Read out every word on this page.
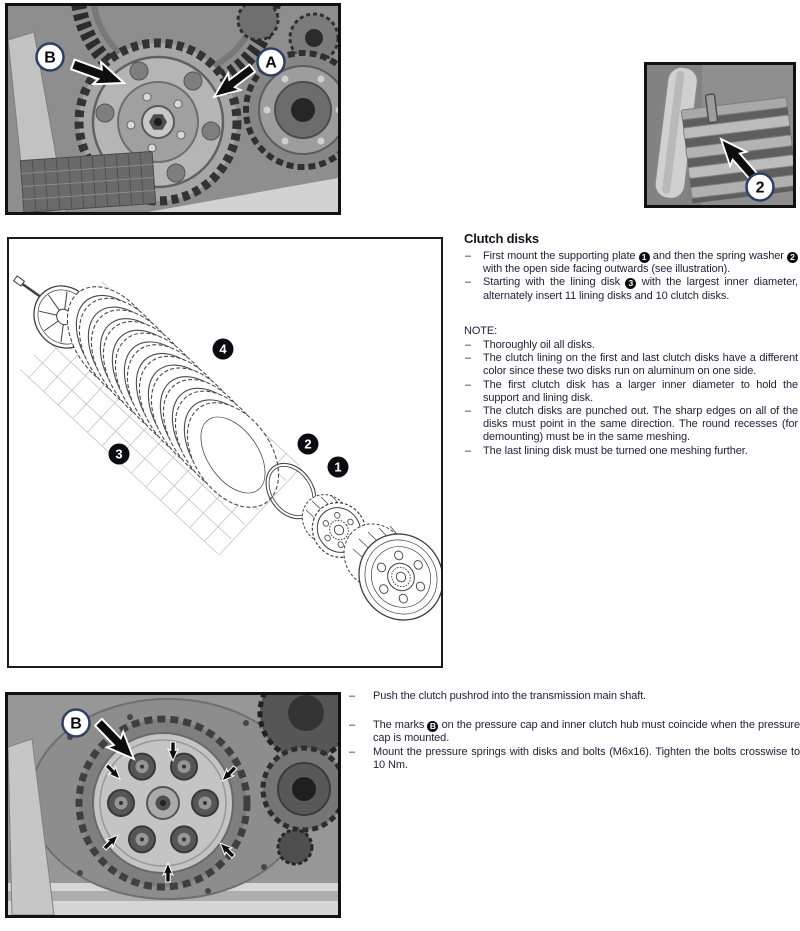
B	A
2
4
3
2
1
B
Clutch disks
– First mount the supporting plate 1 and then the spring washer 2 with the open side facing outwards (see illustration).
– Starting with the lining disk 3 with the largest inner diameter, alternately insert 11 lining disks and 10 clutch disks.
NOTE:
– Thoroughly oil all disks.
– The clutch lining on the first and last clutch disks have a different color since these two disks run on aluminum on one side.
– The first clutch disk has a larger inner diameter to hold the support and lining disk.
– The clutch disks are punched out. The sharp edges on all of the disks must point in the same direction. The round recesses (for demounting) must be in the same meshing.
– The last lining disk must be turned one meshing further.
– Push the clutch pushrod into the transmission main shaft.
– The marks B on the pressure cap and inner clutch hub must coincide when the pressure cap is mounted.
– Mount the pressure springs with disks and bolts (M6x16). Tighten the bolts crosswise to 10 Nm.
